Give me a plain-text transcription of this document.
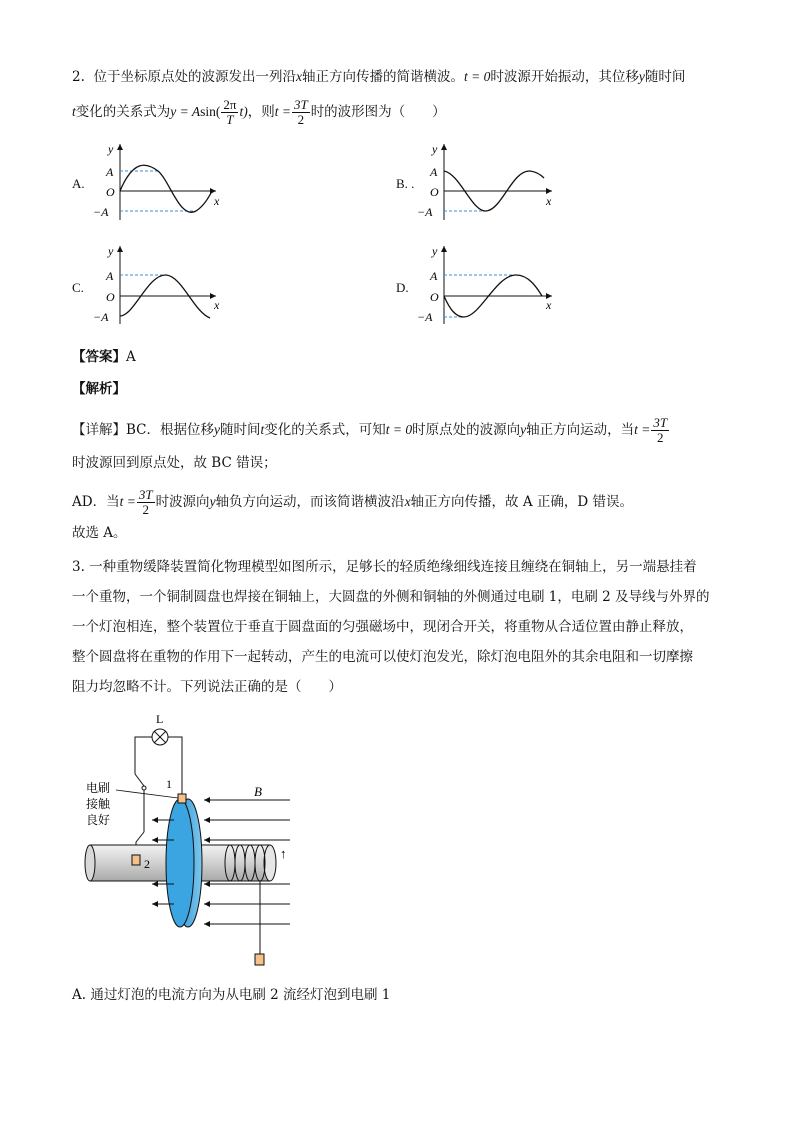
2. 位于坐标原点处的波源发出一列沿x轴正方向传播的简谐横波。t = 0时波源开始振动，其位移y随时间
t变化的关系式为$y = Asin( \frac{2\pi}{T} t)$，则$t = \frac{3T}{2}$ 时的波形图为（　　）
A.
y
x
A
O
−A
B. .
y
x
A
O
−A
C.
y
x
A
O
−A
D.
y
x
A
O
−A
【答案】A
【解析】
【详解】BC．根据位移y随时间t变化的关系式，可知t = 0时原点处的波源向y轴正方向运动，当$t = \frac{3T}{2}$
时波源回到原点处，故 BC 错误；
AD．当$t = \frac{3T}{2}$ 时波源向y轴负方向运动，而该简谐横波沿x轴正方向传播，故 A 正确，D 错误。
故选 A。
3. 一种重物缓降装置简化物理模型如图所示，足够长的轻质绝缘细线连接且缠绕在铜轴上，另一端悬挂着
一个重物，一个铜制圆盘也焊接在铜轴上，大圆盘的外侧和铜轴的外侧通过电刷 1，电刷 2 及导线与外界的
一个灯泡相连，整个装置位于垂直于圆盘面的匀强磁场中，现闭合开关，将重物从合适位置由静止释放，
整个圆盘将在重物的作用下一起转动，产生的电流可以使灯泡发光，除灯泡电阻外的其余电阻和一切摩擦
阻力均忽略不计。下列说法正确的是（　　）
L
B
1
2
电刷
接触
良好
↑
A. 通过灯泡的电流方向为从电刷 2 流经灯泡到电刷 1
